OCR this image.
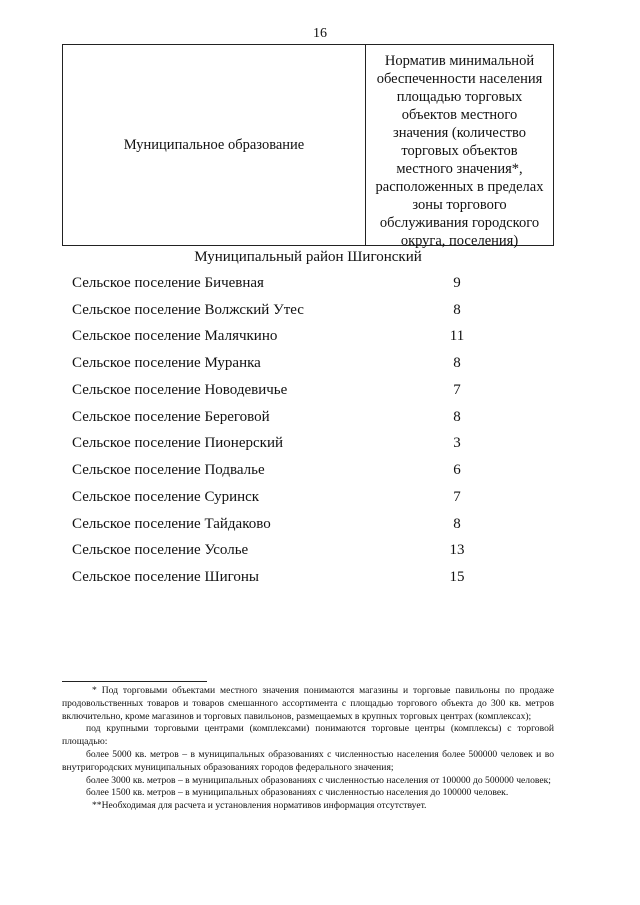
16
Муниципальное образование
Норматив минимальной
обеспеченности населения
площадью торговых
объектов местного
значения (количество
торговых объектов
местного значения*,
расположенных в пределах
зоны торгового
обслуживания городского
округа, поселения)
Муниципальный район Шигонский
Сельское поселение Бичевная	9
Сельское поселение Волжский Утес	8
Сельское поселение Малячкино	11
Сельское поселение Муранка	8
Сельское поселение Новодевичье	7
Сельское поселение Береговой	8
Сельское поселение Пионерский	3
Сельское поселение Подвалье	6
Сельское поселение Суринск	7
Сельское поселение Тайдаково	8
Сельское поселение Усолье	13
Сельское поселение Шигоны	15

* Под торговыми объектами местного значения понимаются магазины и торговые павильоны по продаже продовольственных товаров и товаров смешанного ассортимента с площадью торгового объекта до 300 кв. метров включительно, кроме магазинов и торговых павильонов, размещаемых в крупных торговых центрах (комплексах);

под крупными торговыми центрами (комплексами) понимаются торговые центры (комплексы) с торговой площадью:

более 5000 кв. метров – в муниципальных образованиях с численностью населения более 500000 человек и во внутригородских муниципальных образованиях городов федерального значения;

более 3000 кв. метров – в муниципальных образованиях с численностью населения от 100000 до 500000 человек;

более 1500 кв. метров – в муниципальных образованиях с численностью населения до 100000 человек.

**Необходимая для расчета и установления нормативов информация отсутствует.
